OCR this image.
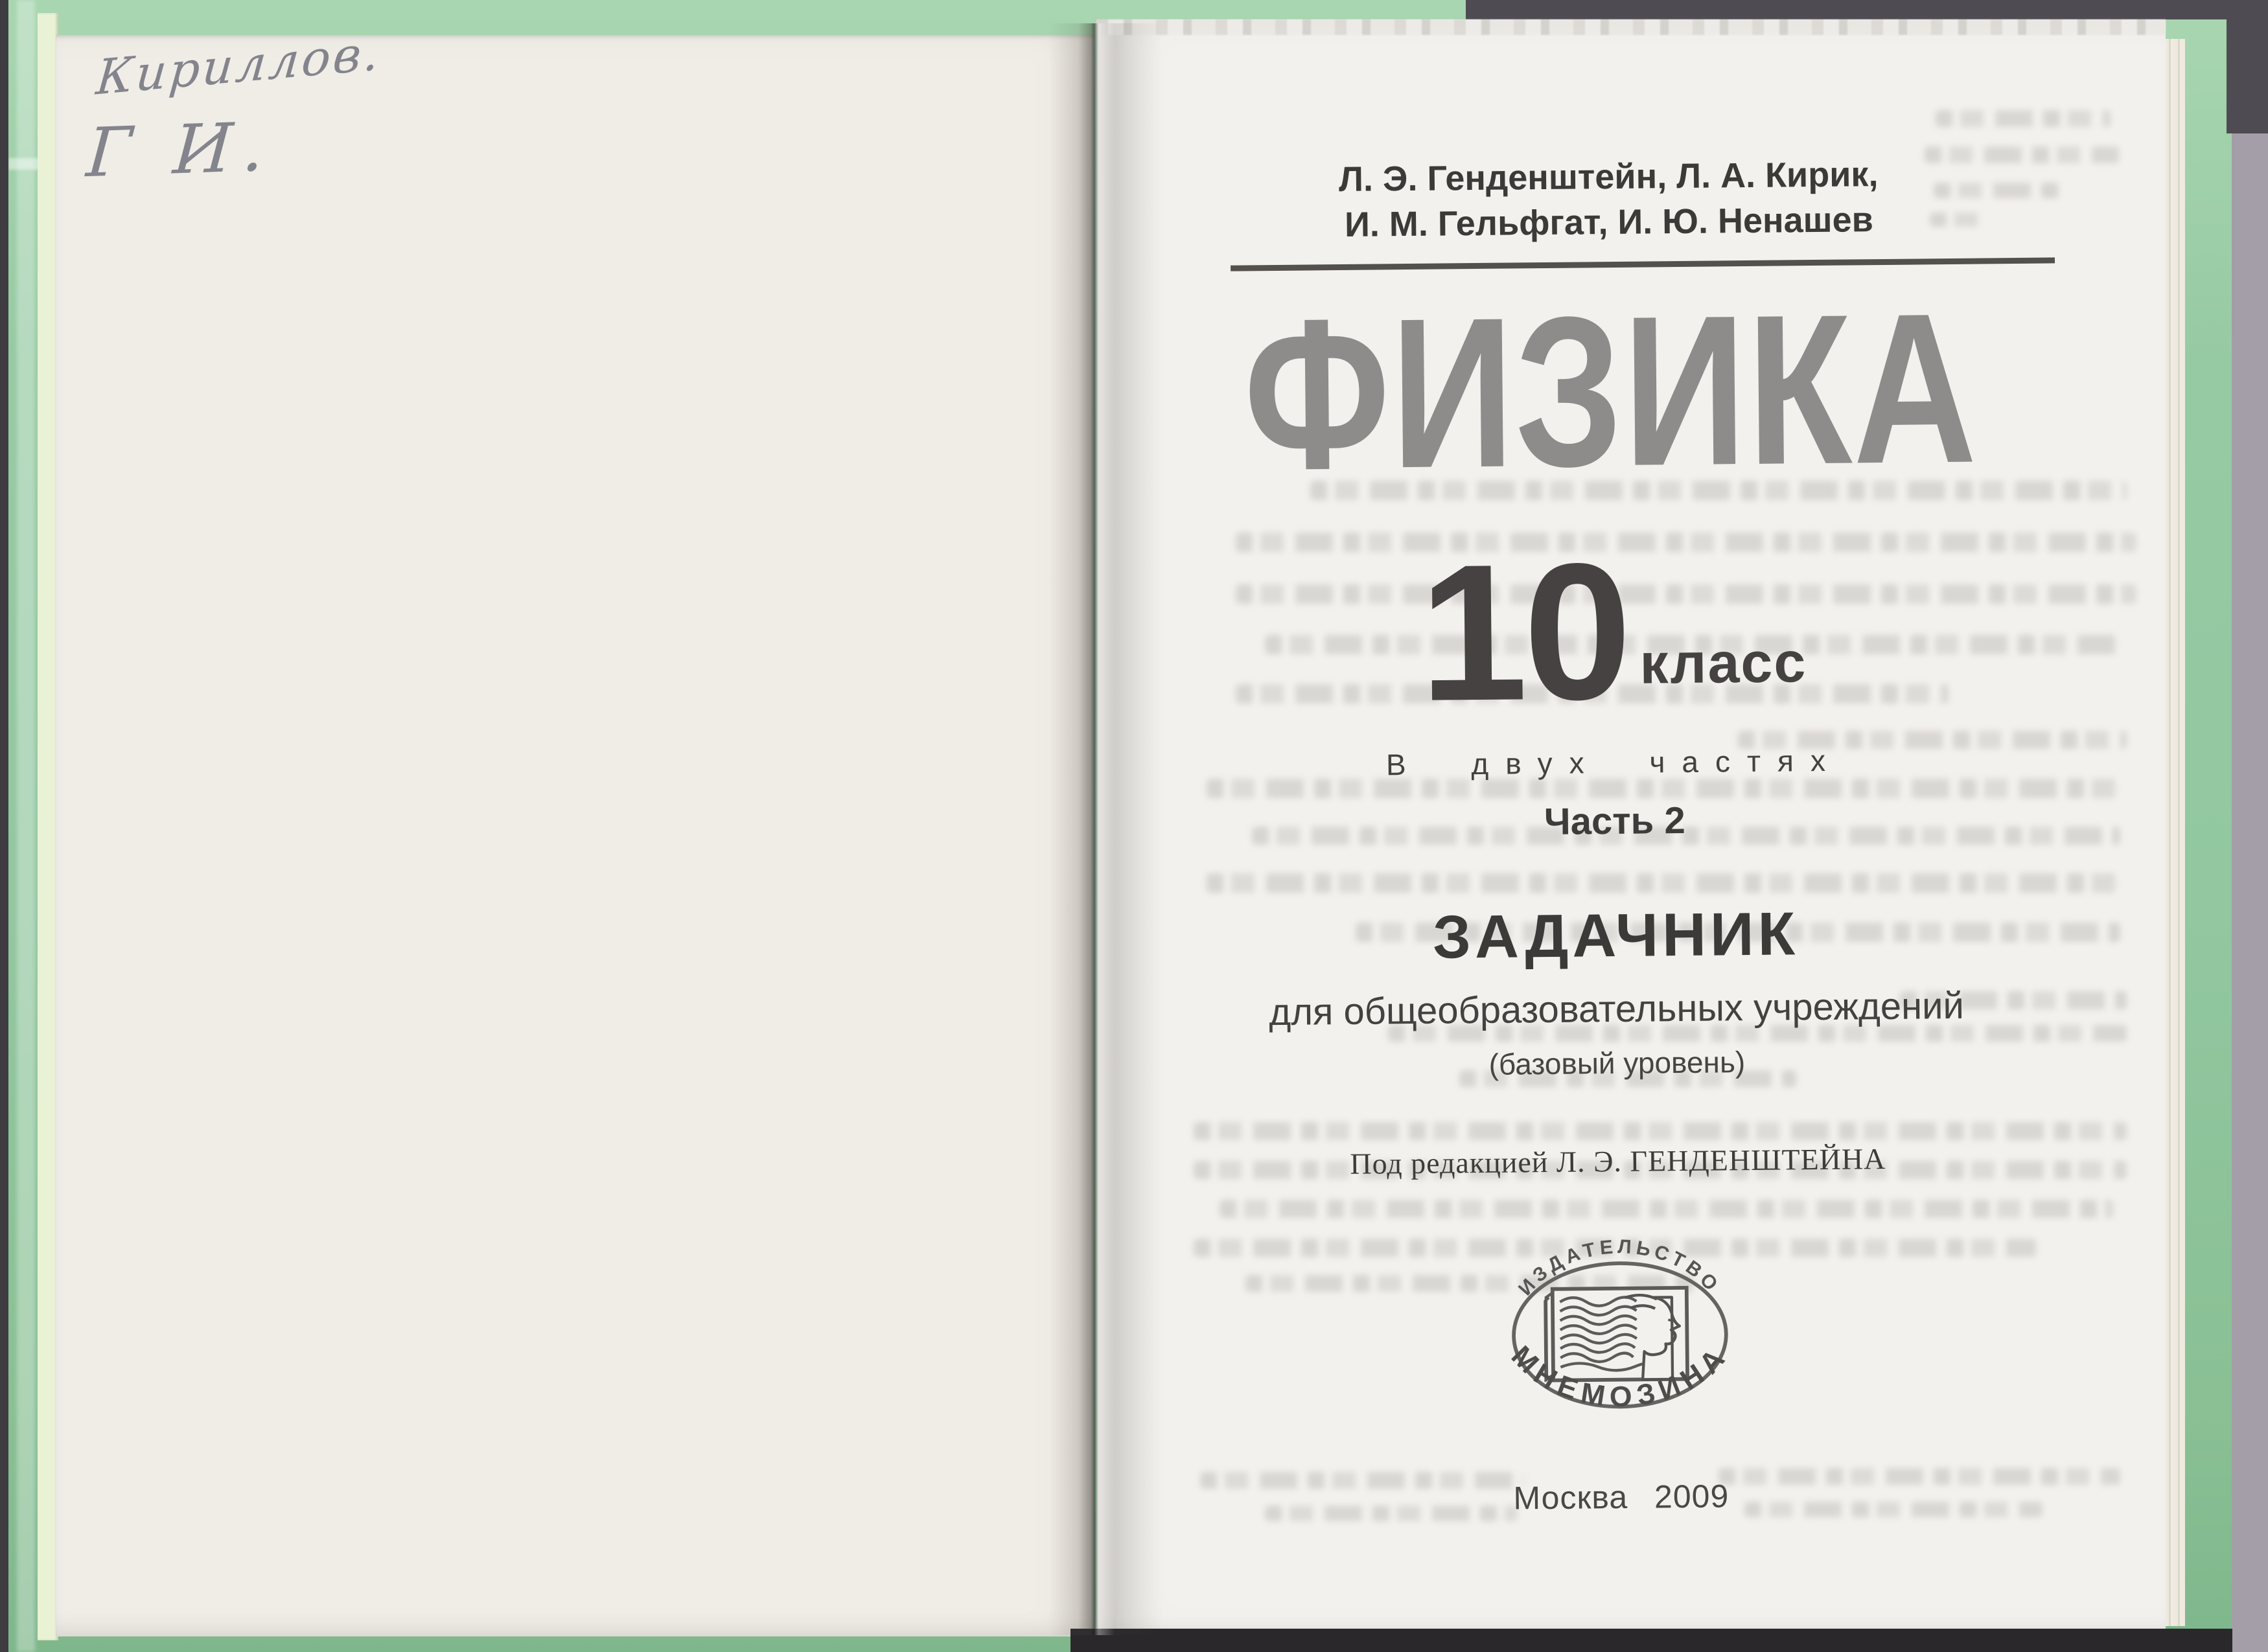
Кириллов.
Г И.	Л. Э. Генденштейн, Л. А. Кирик,
И. М. Гельфгат, И. Ю. Ненашев
ФИЗИКА
10 класс
В двух частях
Часть 2
ЗАДАЧНИК
для общеобразовательных учреждений
(базовый уровень)
Под редакцией Л. Э. ГЕНДЕНШТЕЙНА
ИЗДАТЕЛЬСТВО
МНЕМОЗИНА
Москва 2009
